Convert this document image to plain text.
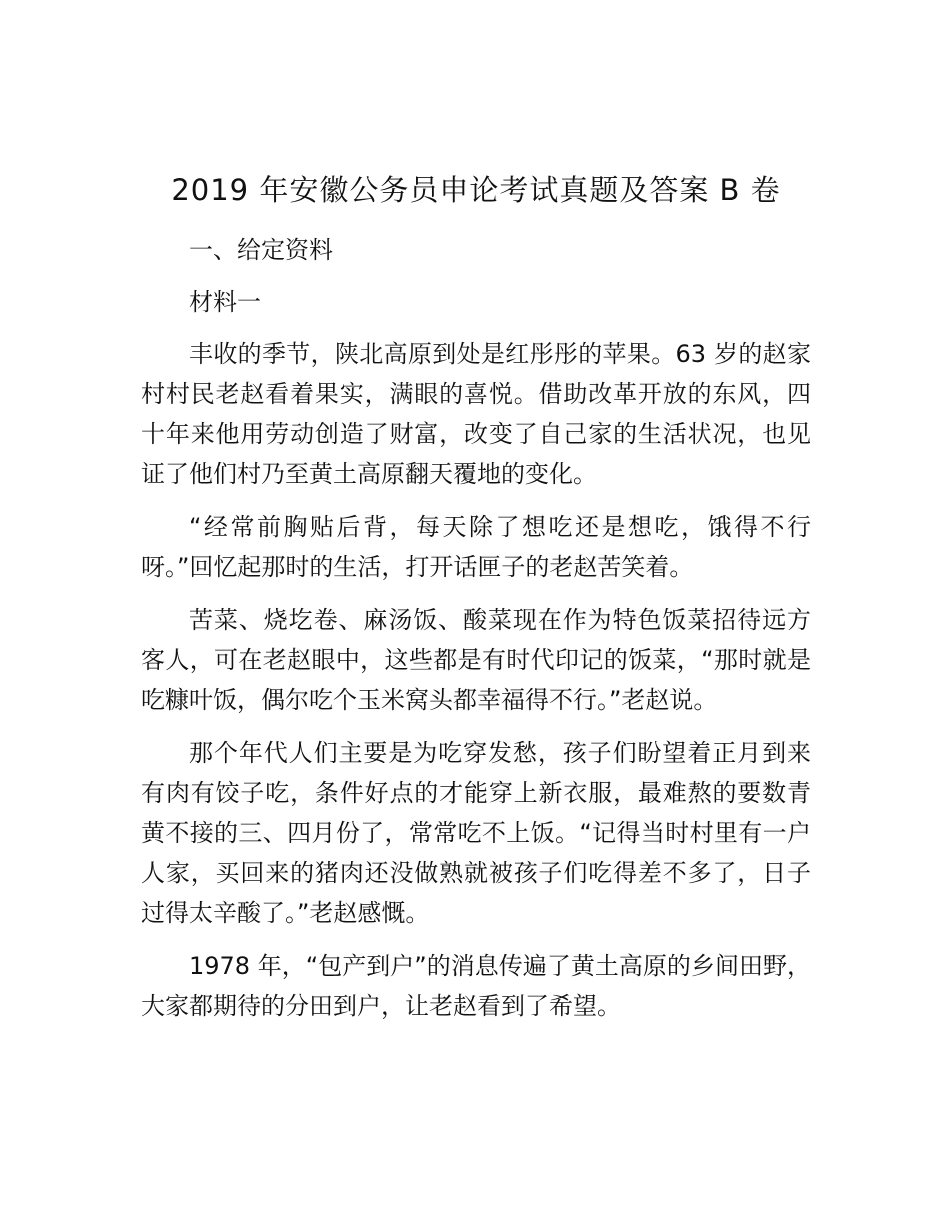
2019 年安徽公务员申论考试真题及答案 B 卷

一、给定资料

材料一

丰收的季节，陕北高原到处是红彤彤的苹果。63 岁的赵家村村民老赵看着果实，满眼的喜悦。借助改革开放的东风，四十年来他用劳动创造了财富，改变了自己家的生活状况，也见证了他们村乃至黄土高原翻天覆地的变化。

“经常前胸贴后背，每天除了想吃还是想吃，饿得不行呀。”回忆起那时的生活，打开话匣子的老赵苦笑着。

苦菜、烧圪卷、麻汤饭、酸菜现在作为特色饭菜招待远方客人，可在老赵眼中，这些都是有时代印记的饭菜，“那时就是吃糠叶饭，偶尔吃个玉米窝头都幸福得不行。”老赵说。

那个年代人们主要是为吃穿发愁，孩子们盼望着正月到来有肉有饺子吃，条件好点的才能穿上新衣服，最难熬的要数青黄不接的三、四月份了，常常吃不上饭。“记得当时村里有一户人家，买回来的猪肉还没做熟就被孩子们吃得差不多了，日子过得太辛酸了。”老赵感慨。

1978 年，“包产到户”的消息传遍了黄土高原的乡间田野，大家都期待的分田到户，让老赵看到了希望。
